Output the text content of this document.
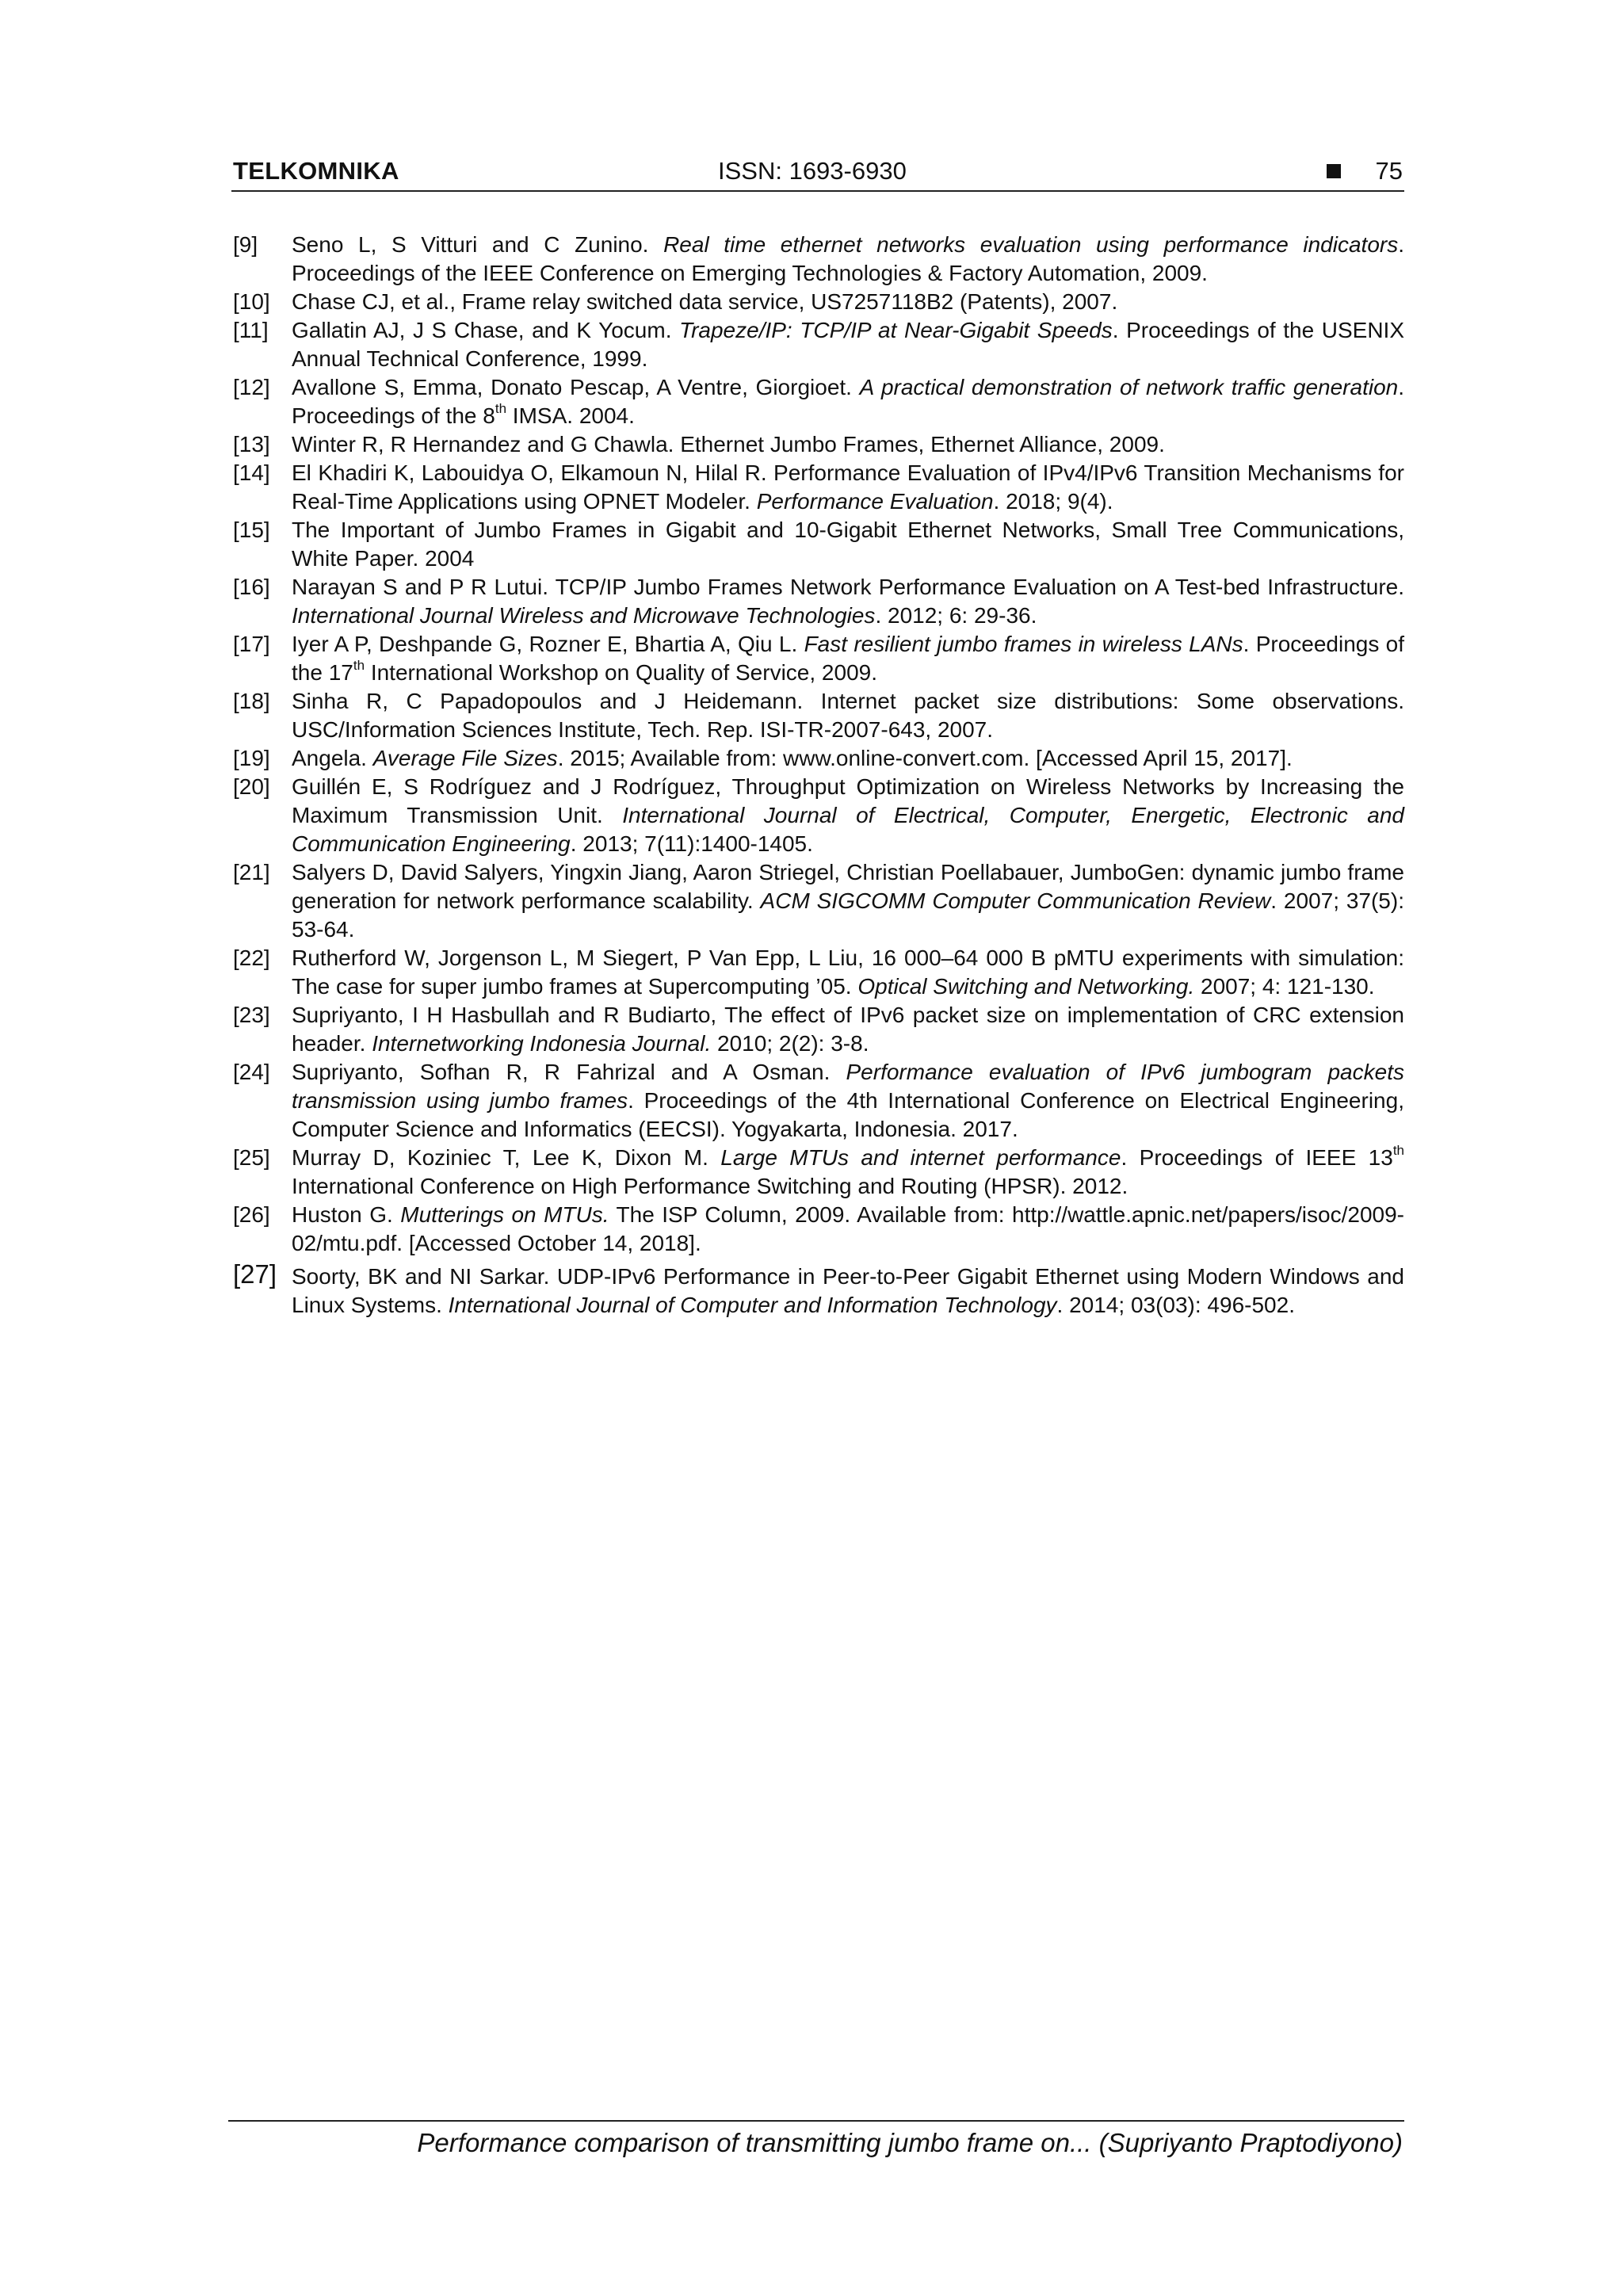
TELKOMNIKA	ISSN: 1693-6930	75
[9] Seno L, S Vitturi and C Zunino. Real time ethernet networks evaluation using performance indicators. Proceedings of the IEEE Conference on Emerging Technologies & Factory Automation, 2009.
[10] Chase CJ, et al., Frame relay switched data service, US7257118B2 (Patents), 2007.
[11] Gallatin AJ, J S Chase, and K Yocum. Trapeze/IP: TCP/IP at Near-Gigabit Speeds. Proceedings of the USENIX Annual Technical Conference, 1999.
[12] Avallone S, Emma, Donato Pescap, A Ventre, Giorgioet. A practical demonstration of network traffic generation. Proceedings of the 8th IMSA. 2004.
[13] Winter R, R Hernandez and G Chawla. Ethernet Jumbo Frames, Ethernet Alliance, 2009.
[14] El Khadiri K, Labouidya O, Elkamoun N, Hilal R. Performance Evaluation of IPv4/IPv6 Transition Mechanisms for Real-Time Applications using OPNET Modeler. Performance Evaluation. 2018; 9(4).
[15] The Important of Jumbo Frames in Gigabit and 10-Gigabit Ethernet Networks, Small Tree Communications, White Paper. 2004
[16] Narayan S and P R Lutui. TCP/IP Jumbo Frames Network Performance Evaluation on A Test-bed Infrastructure. International Journal Wireless and Microwave Technologies. 2012; 6: 29-36.
[17] Iyer A P, Deshpande G, Rozner E, Bhartia A, Qiu L. Fast resilient jumbo frames in wireless LANs. Proceedings of the 17th International Workshop on Quality of Service, 2009.
[18] Sinha R, C Papadopoulos and J Heidemann. Internet packet size distributions: Some observations. USC/Information Sciences Institute, Tech. Rep. ISI-TR-2007-643, 2007.
[19] Angela. Average File Sizes. 2015; Available from: www.online-convert.com. [Accessed April 15, 2017].
[20] Guillén E, S Rodríguez and J Rodríguez, Throughput Optimization on Wireless Networks by Increasing the Maximum Transmission Unit. International Journal of Electrical, Computer, Energetic, Electronic and Communication Engineering. 2013; 7(11):1400-1405.
[21] Salyers D, David Salyers, Yingxin Jiang, Aaron Striegel, Christian Poellabauer, JumboGen: dynamic jumbo frame generation for network performance scalability. ACM SIGCOMM Computer Communication Review. 2007; 37(5): 53-64.
[22] Rutherford W, Jorgenson L, M Siegert, P Van Epp, L Liu, 16 000–64 000 B pMTU experiments with simulation: The case for super jumbo frames at Supercomputing ’05. Optical Switching and Networking. 2007; 4: 121-130.
[23] Supriyanto, I H Hasbullah and R Budiarto, The effect of IPv6 packet size on implementation of CRC extension header. Internetworking Indonesia Journal. 2010; 2(2): 3-8.
[24] Supriyanto, Sofhan R, R Fahrizal and A Osman. Performance evaluation of IPv6 jumbogram packets transmission using jumbo frames. Proceedings of the 4th International Conference on Electrical Engineering, Computer Science and Informatics (EECSI). Yogyakarta, Indonesia. 2017.
[25] Murray D, Koziniec T, Lee K, Dixon M. Large MTUs and internet performance. Proceedings of IEEE 13th International Conference on High Performance Switching and Routing (HPSR). 2012.
[26] Huston G. Mutterings on MTUs. The ISP Column, 2009. Available from: http://wattle.apnic.net/papers/isoc/2009-02/mtu.pdf. [Accessed October 14, 2018].
[27] Soorty, BK and NI Sarkar. UDP-IPv6 Performance in Peer-to-Peer Gigabit Ethernet using Modern Windows and Linux Systems. International Journal of Computer and Information Technology. 2014; 03(03): 496-502.
Performance comparison of transmitting jumbo frame on... (Supriyanto Praptodiyono)
